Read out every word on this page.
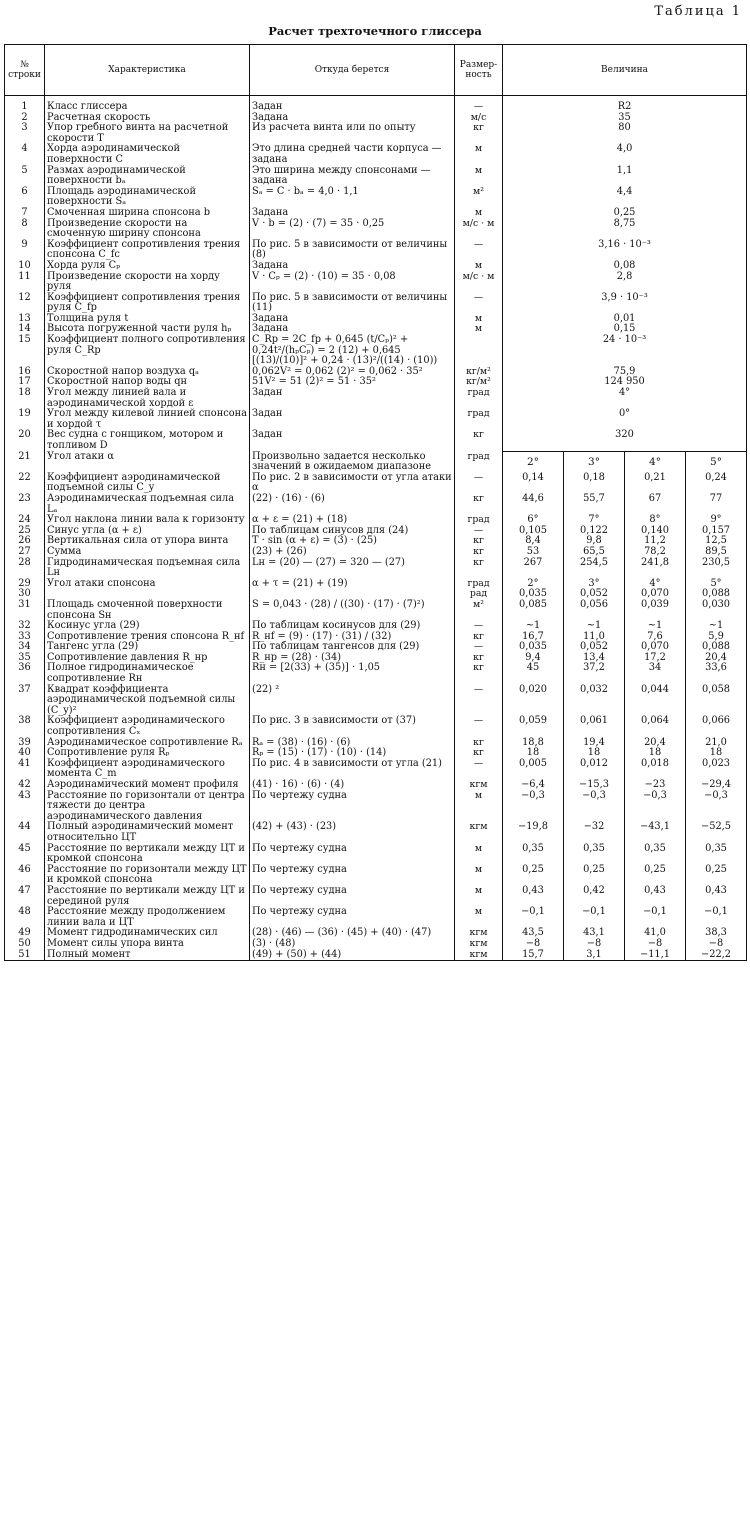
Таблица 1
Расчет трехточечного глиссера
№ строки	Характеристика	Откуда берется	Размер-ность	Величина			

1	Класс глиссера	Задан	—	R2			
2	Расчетная скорость	Задана	м/с	35			
3	Упор гребного винта на расчетной скорости T	Из расчета винта или по опыту	кг	80			
4	Хорда аэродинамической поверхности C	Это длина средней части корпуса — задана	м	4,0			
5	Размах аэродинамической поверхности bₐ	Это ширина между спонсонами — задана	м	1,1			
6	Площадь аэродинамической поверхности Sₐ	Sₐ = C · bₐ = 4,0 · 1,1	м²	4,4			
7	Смоченная ширина спонсона b	Задана	м	0,25			
8	Произведение скорости на смоченную ширину спонсона	V · b = (2) · (7) = 35 · 0,25	м/с · м	8,75			
9	Коэффициент сопротивления трения спонсона C_fc	По рис. 5 в зависимости от величины (8)	—	3,16 · 10⁻³			
10	Хорда руля Cₚ	Задана	м	0,08			
11	Произведение скорости на хорду руля	V · Cₚ = (2) · (10) = 35 · 0,08	м/с · м	2,8			
12	Коэффициент сопротивления трения руля C_fp	По рис. 5 в зависимости от величины (11)	—	3,9 · 10⁻³			
13	Толщина руля t	Задана	м	0,01			
14	Высота погруженной части руля hₚ	Задана	м	0,15			
15	Коэффициент полного сопротивления руля C_Rp	C_Rp = 2C_fp + 0,645 (t/Cₚ)² + 0,24t²/(hₚCₚ) = 2 (12) + 0,645 [(13)/(10)]² + 0,24 · (13)²/((14) · (10))		24 · 10⁻³			
16	Скоростной напор воздуха qₐ	0,062V² = 0,062 (2)² = 0,062 · 35²	кг/м²	75,9			
17	Скоростной напор воды qн	51V² = 51 (2)² = 51 · 35²	кг/м²	124 950			
18	Угол между линией вала и аэродинамической хордой ε	Задан	град	4°			
19	Угол между килевой линией спонсона и хордой τ	Задан	град	0°			
20	Вес судна с гонщиком, мотором и топливом D	Задан	кг	320			
21	Угол атаки α	Произвольно задается несколько значений в ожидаемом диапазоне	град	2°	3°	4°	5°
22	Коэффициент аэродинамической подъемной силы C_y	По рис. 2 в зависимости от угла атаки α	—	0,14	0,18	0,21	0,24
23	Аэродинамическая подъемная сила Lₐ	(22) · (16) · (6)	кг	44,6	55,7	67	77
24	Угол наклона линии вала к горизонту	α + ε = (21) + (18)	град	6°	7°	8°	9°
25	Синус угла (α + ε)	По таблицам синусов для (24)	—	0,105	0,122	0,140	0,157
26	Вертикальная сила от упора винта	T · sin (α + ε) = (3) · (25)	кг	8,4	9,8	11,2	12,5
27	Сумма	(23) + (26)	кг	53	65,5	78,2	89,5
28	Гидродинамическая подъемная сила Lн	Lн = (20) — (27) = 320 — (27)	кг	267	254,5	241,8	230,5
29	Угол атаки спонсона	α + τ = (21) + (19)	град	2°	3°	4°	5°
30			рад	0,035	0,052	0,070	0,088
31	Площадь смоченной поверхности спонсона Sн	S = 0,043 · (28) / ((30) · (17) · (7)²)	м²	0,085	0,056	0,039	0,030
32	Косинус угла (29)	По таблицам косинусов для (29)	—	~1	~1	~1	~1
33	Сопротивление трения спонсона R_нf	R_нf = (9) · (17) · (31) / (32)	кг	16,7	11,0	7,6	5,9
34	Тангенс угла (29)	По таблицам тангенсов для (29)	—	0,035	0,052	0,070	0,088
35	Сопротивление давления R_нp	R_нp = (28) · (34)	кг	9,4	13,4	17,2	20,4
36	Полное гидродинамическое сопротивление Rн	Rн = [2(33) + (35)] · 1,05	кг	45	37,2	34	33,6
37	Квадрат коэффициента аэродинамической подъемной силы (C_y)²	(22) ²	—	0,020	0,032	0,044	0,058
38	Коэффициент аэродинамического сопротивления Cₓ	По рис. 3 в зависимости от (37)	—	0,059	0,061	0,064	0,066
39	Аэродинамическое сопротивление Rₐ	Rₐ = (38) · (16) · (6)	кг	18,8	19,4	20,4	21,0
40	Сопротивление руля Rₚ	Rₚ = (15) · (17) · (10) · (14)	кг	18	18	18	18
41	Коэффициент аэродинамического момента C_m	По рис. 4 в зависимости от угла (21)	—	0,005	0,012	0,018	0,023
42	Аэродинамический момент профиля	(41) · 16) · (6) · (4)	кгм	−6,4	−15,3	−23	−29,4
43	Расстояние по горизонтали от центра тяжести до центра аэродинамического давления	По чертежу судна	м	−0,3	−0,3	−0,3	−0,3
44	Полный аэродинамический момент относительно ЦТ	(42) + (43) · (23)	кгм	−19,8	−32	−43,1	−52,5
45	Расстояние по вертикали между ЦТ и кромкой спонсона	По чертежу судна	м	0,35	0,35	0,35	0,35
46	Расстояние по горизонтали между ЦТ и кромкой спонсона	По чертежу судна	м	0,25	0,25	0,25	0,25
47	Расстояние по вертикали между ЦТ и серединой руля	По чертежу судна	м	0,43	0,42	0,43	0,43
48	Расстояние между продолжением линии вала и ЦТ	По чертежу судна	м	−0,1	−0,1	−0,1	−0,1
49	Момент гидродинамических сил	(28) · (46) — (36) · (45) + (40) · (47)	кгм	43,5	43,1	41,0	38,3
50	Момент силы упора винта	(3) · (48)	кгм	−8	−8	−8	−8
51	Полный момент	(49) + (50) + (44)	кгм	15,7	3,1	−11,1	−22,2
